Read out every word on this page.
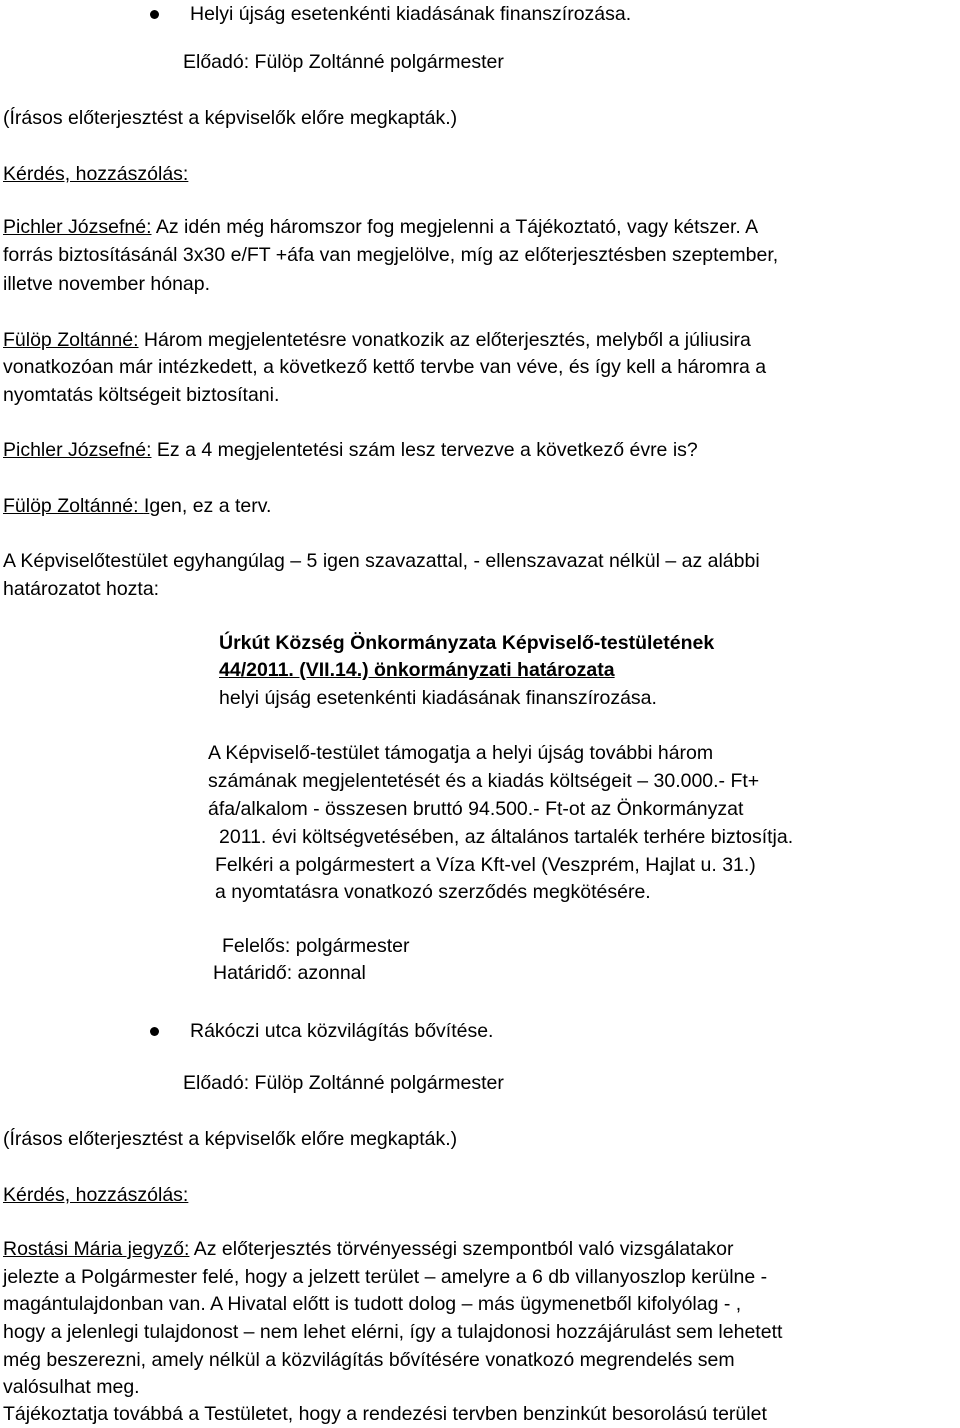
Helyi újság esetenkénti kiadásának finanszírozása.
Előadó: Fülöp Zoltánné polgármester
(Írásos előterjesztést a képviselők előre megkapták.)
Kérdés, hozzászólás:
Pichler Józsefné: Az idén még háromszor fog megjelenni a Tájékoztató, vagy kétszer. A
forrás biztosításánál 3x30 e/FT +áfa van megjelölve, míg az előterjesztésben szeptember,
illetve november hónap.
Fülöp Zoltánné: Három megjelentetésre vonatkozik az előterjesztés, melyből a júliusira
vonatkozóan már intézkedett, a következő kettő tervbe van véve, és így kell a háromra a
nyomtatás költségeit biztosítani.
Pichler Józsefné: Ez a 4 megjelentetési szám lesz tervezve a következő évre is?
Fülöp Zoltánné: Igen, ez a terv.
A Képviselőtestület egyhangúlag – 5 igen szavazattal, - ellenszavazat nélkül – az alábbi
határozatot hozta:
Úrkút Község Önkormányzata Képviselő-testületének
44/2011. (VII.14.) önkormányzati határozata
helyi újság esetenkénti kiadásának finanszírozása.
A Képviselő-testület támogatja a helyi újság további három
számának megjelentetését és a kiadás költségeit – 30.000.- Ft+
áfa/alkalom - összesen bruttó 94.500.- Ft-ot az Önkormányzat
2011. évi költségvetésében, az általános tartalék terhére biztosítja.
Felkéri a polgármestert a Víza Kft-vel (Veszprém, Hajlat u. 31.)
a nyomtatásra vonatkozó szerződés megkötésére.
Felelős: polgármester
Határidő: azonnal
Rákóczi utca közvilágítás bővítése.
Előadó: Fülöp Zoltánné polgármester
(Írásos előterjesztést a képviselők előre megkapták.)
Kérdés, hozzászólás:
Rostási Mária jegyző: Az előterjesztés törvényességi szempontból való vizsgálatakor
jelezte a Polgármester felé, hogy a jelzett terület – amelyre a 6 db villanyoszlop kerülne -
magántulajdonban van. A Hivatal előtt is tudott dolog – más ügymenetből kifolyólag - ,
hogy a jelenlegi tulajdonost – nem lehet elérni, így a tulajdonosi hozzájárulást sem lehetett
még beszerezni, amely nélkül a közvilágítás bővítésére vonatkozó megrendelés sem
valósulhat meg.
Tájékoztatja továbbá a Testületet, hogy a rendezési tervben benzinkút besorolású terület
